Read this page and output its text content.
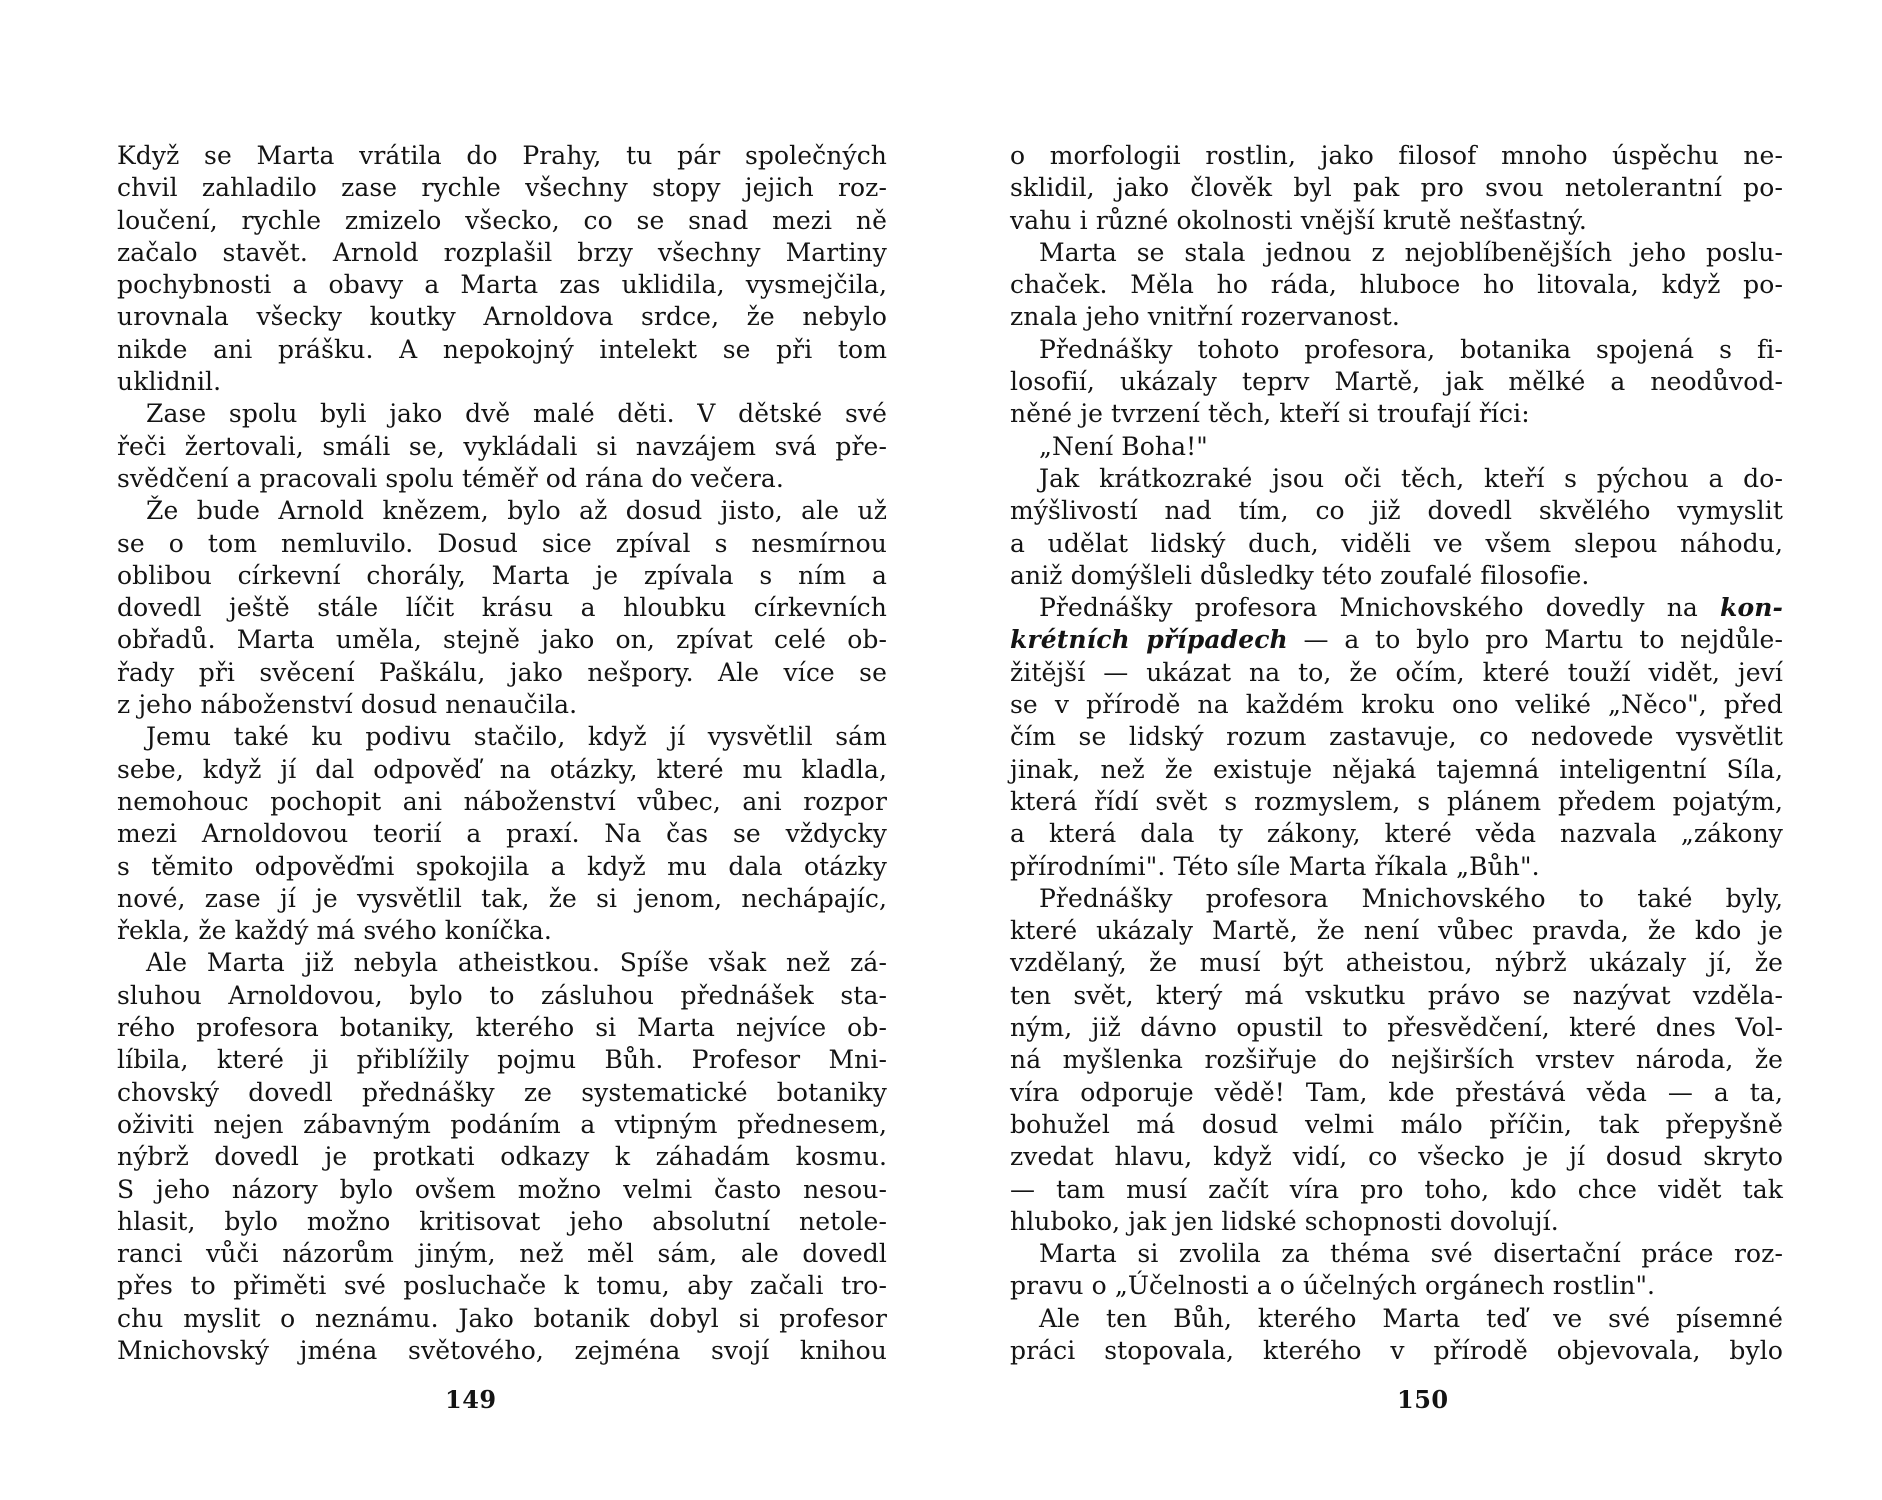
Když se Marta vrátila do Prahy, tu pár společných
chvil zahladilo zase rychle všechny stopy jejich roz-
loučení, rychle zmizelo všecko, co se snad mezi ně
začalo stavět. Arnold rozplašil brzy všechny Martiny
pochybnosti a obavy a Marta zas uklidila, vysmejčila,
urovnala všecky koutky Arnoldova srdce, že nebylo
nikde ani prášku. A nepokojný intelekt se při tom
uklidnil.
Zase spolu byli jako dvě malé děti. V dětské své
řeči žertovali, smáli se, vykládali si navzájem svá pře-
svědčení a pracovali spolu téměř od rána do večera.
Že bude Arnold knězem, bylo až dosud jisto, ale už
se o tom nemluvilo. Dosud sice zpíval s nesmírnou
oblibou církevní chorály, Marta je zpívala s ním a
dovedl ještě stále líčit krásu a hloubku církevních
obřadů. Marta uměla, stejně jako on, zpívat celé ob-
řady při svěcení Paškálu, jako nešpory. Ale více se
z jeho náboženství dosud nenaučila.
Jemu také ku podivu stačilo, když jí vysvětlil sám
sebe, když jí dal odpověď na otázky, které mu kladla,
nemohouc pochopit ani náboženství vůbec, ani rozpor
mezi Arnoldovou teorií a praxí. Na čas se vždycky
s těmito odpověďmi spokojila a když mu dala otázky
nové, zase jí je vysvětlil tak, že si jenom, nechápajíc,
řekla, že každý má svého koníčka.
Ale Marta již nebyla atheistkou. Spíše však než zá-
sluhou Arnoldovou, bylo to zásluhou přednášek sta-
rého profesora botaniky, kterého si Marta nejvíce ob-
líbila, které ji přiblížily pojmu Bůh. Profesor Mni-
chovský dovedl přednášky ze systematické botaniky
oživiti nejen zábavným podáním a vtipným přednesem,
nýbrž dovedl je protkati odkazy k záhadám kosmu.
S jeho názory bylo ovšem možno velmi často nesou-
hlasit, bylo možno kritisovat jeho absolutní netole-
ranci vůči názorům jiným, než měl sám, ale dovedl
přes to přiměti své posluchače k tomu, aby začali tro-
chu myslit o neznámu. Jako botanik dobyl si profesor
Mnichovský jména světového, zejména svojí knihou
o morfologii rostlin, jako filosof mnoho úspěchu ne-
sklidil, jako člověk byl pak pro svou netolerantní po-
vahu i různé okolnosti vnější krutě nešťastný.
Marta se stala jednou z nejoblíbenějších jeho poslu-
chaček. Měla ho ráda, hluboce ho litovala, když po-
znala jeho vnitřní rozervanost.
Přednášky tohoto profesora, botanika spojená s fi-
losofií, ukázaly teprv Martě, jak mělké a neodůvod-
něné je tvrzení těch, kteří si troufají říci:
„Není Boha!"
Jak krátkozraké jsou oči těch, kteří s pýchou a do-
mýšlivostí nad tím, co již dovedl skvělého vymyslit
a udělat lidský duch, viděli ve všem slepou náhodu,
aniž domýšleli důsledky této zoufalé filosofie.
Přednášky profesora Mnichovského dovedly na kon-
krétních případech — a to bylo pro Martu to nejdůle-
žitější — ukázat na to, že očím, které touží vidět, jeví
se v přírodě na každém kroku ono veliké „Něco", před
čím se lidský rozum zastavuje, co nedovede vysvětlit
jinak, než že existuje nějaká tajemná inteligentní Síla,
která řídí svět s rozmyslem, s plánem předem pojatým,
a která dala ty zákony, které věda nazvala „zákony
přírodními". Této síle Marta říkala „Bůh".
Přednášky profesora Mnichovského to také byly,
které ukázaly Martě, že není vůbec pravda, že kdo je
vzdělaný, že musí být atheistou, nýbrž ukázaly jí, že
ten svět, který má vskutku právo se nazývat vzděla-
ným, již dávno opustil to přesvědčení, které dnes Vol-
ná myšlenka rozšiřuje do nejširších vrstev národa, že
víra odporuje vědě! Tam, kde přestává věda — a ta,
bohužel má dosud velmi málo příčin, tak přepyšně
zvedat hlavu, když vidí, co všecko je jí dosud skryto
— tam musí začít víra pro toho, kdo chce vidět tak
hluboko, jak jen lidské schopnosti dovolují.
Marta si zvolila za théma své disertační práce roz-
pravu o „Účelnosti a o účelných orgánech rostlin".
Ale ten Bůh, kterého Marta teď ve své písemné
práci stopovala, kterého v přírodě objevovala, bylo
149	150
